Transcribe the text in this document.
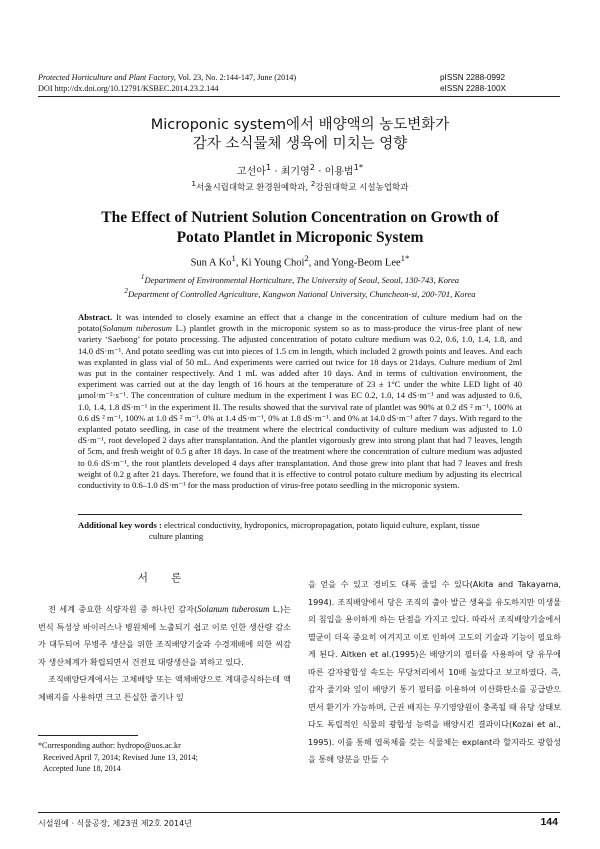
Protected Horticulture and Plant Factory, Vol. 23, No. 2:144-147, June (2014)
DOI http://dx.doi.org/10.12791/KSBEC.2014.23.2.144
pISSN 2288-0992
eISSN 2288-100X
Microponic system에서 배양액의 농도변화가
감자 소식물체 생육에 미치는 영향
고선아$^1$ · 최기영$^2$ · 이용범$^{1*}$
$^1$서울시립대학교 환경원예학과, $^2$강원대학교 시설농업학과
The Effect of Nutrient Solution Concentration on Growth of
Potato Plantlet in Microponic System
Sun A Ko$^1$, Ki Young Choi$^2$, and Yong-Beom Lee$^{1*}$
$^1$Department of Environmental Horticulture, The University of Seoul, Seoul, 130-743, Korea
$^2$Department of Controlled Agriculture, Kangwon National University, Chuncheon-si, 200-701, Korea
Abstract. It was intended to closely examine an effect that a change in the concentration of culture medium had on the potato(Solanum tuberosum L.) plantlet growth in the microponic system so as to mass-produce the virus-free plant of new variety ‘Saebong’ for potato processing. The adjusted concentration of potato culture medium was 0.2, 0.6, 1.0, 1.4, 1.8, and 14.0 dS·m⁻¹. And potato seedling was cut into pieces of 1.5 cm in length, which included 2 growth points and leaves. And each was explanted in glass vial of 50 mL. And experiments were carried out twice for 18 days or 21days. Culture medium of 2ml was put in the container respectively. And 1 mL was added after 10 days. And in terms of cultivation environment, the experiment was carried out at the day length of 16 hours at the temperature of 23 ± 1°C under the white LED light of 40 μmol·m⁻²·s⁻¹. The concentration of culture medium in the experiment I was EC 0.2, 1.0, 14 dS·m⁻¹ and was adjusted to 0.6, 1.0, 1.4, 1.8 dS·m⁻¹ in the experiment II. The results showed that the survival rate of plantlet was 90% at 0.2 dS ² m⁻¹, 100% at 0.6 dS ² m⁻¹, 100% at 1.0 dS ² m⁻¹. 0% at 1.4 dS·m⁻¹, 0% at 1.8 dS·m⁻¹. and 0% at 14.0 dS·m⁻¹ after 7 days. With regard to the explanted potato seedling, in case of the treatment where the electrical conductivity of culture medium was adjusted to 1.0 dS·m⁻¹, root developed 2 days after transplantation. And the plantlet vigorously grew into strong plant that had 7 leaves, length of 5cm, and fresh weight of 0.5 g after 18 days. In case of the treatment where the concentration of culture medium was adjusted to 0.6 dS·m⁻¹, the root plantlets developed 4 days after transplantation. And those grew into plant that had 7 leaves and fresh weight of 0.2 g after 21 days. Therefore, we found that it is effective to control potato culture medium by adjusting its electrical conductivity to 0.6–1.0 dS·m⁻¹ for the mass production of virus-free potato seedling in the microponic system.
Additional key words : electrical conductivity, hydroponics, micropropagation, potato liquid culture, explant, tissue
culture planting
서 론

전 세계 중요한 식량자원 중 하나인 감자(Solanum tuberosum L.)는 번식 특성상 바이러스나 병원체에 노출되기 쉽고 이로 인한 생산량 감소가 대두되어 무병주 생산을 위한 조직배양기술과 수경재배에 의한 씨감자 생산체계가 확립되면서 건전묘 대량생산을 꾀하고 있다.

조직배양단계에서는 고체배양 또는 액체배양으로 계대증식하는데 액체배지를 사용하면 크고 튼실한 줄기나 잎

을 얻을 수 있고 경비도 대폭 줄일 수 있다(Akita and Takayama, 1994). 조직배양에서 당은 조직의 출아 발근 생육을 유도하지만 미생물의 침입을 용이하게 하는 단점을 가지고 있다. 따라서 조직배양기술에서 멸균이 더욱 중요히 여겨지고 이로 인하여 고도의 기술과 기능이 필요하게 된다. Aitken et al.(1995)은 배양기의 필터를 사용하여 당 유무에 따른 감자광합성 속도는 무당처리에서 10배 높았다고 보고하였다. 즉, 감자 줄기와 잎이 배양기 통기 필터를 이용하여 이산화탄소를 공급받으면서 환기가 가능하며, 근권 배지는 무기영양원이 충족될 때 유당 상태보다도 독립적인 식물의 광합성 능력을 배양시킨 결과이다(Kozai et al., 1995). 이를 통해 엽록체를 갖는 식물체는 explant라 할지라도 광합성을 통해 양분을 만들 수

*Corresponding author: hydropo@uos.ac.kr
Received April 7, 2014; Revised June 13, 2014;
Accepted June 18, 2014
시설원예 · 식물공장, 제23권 제2호 2014년	144
